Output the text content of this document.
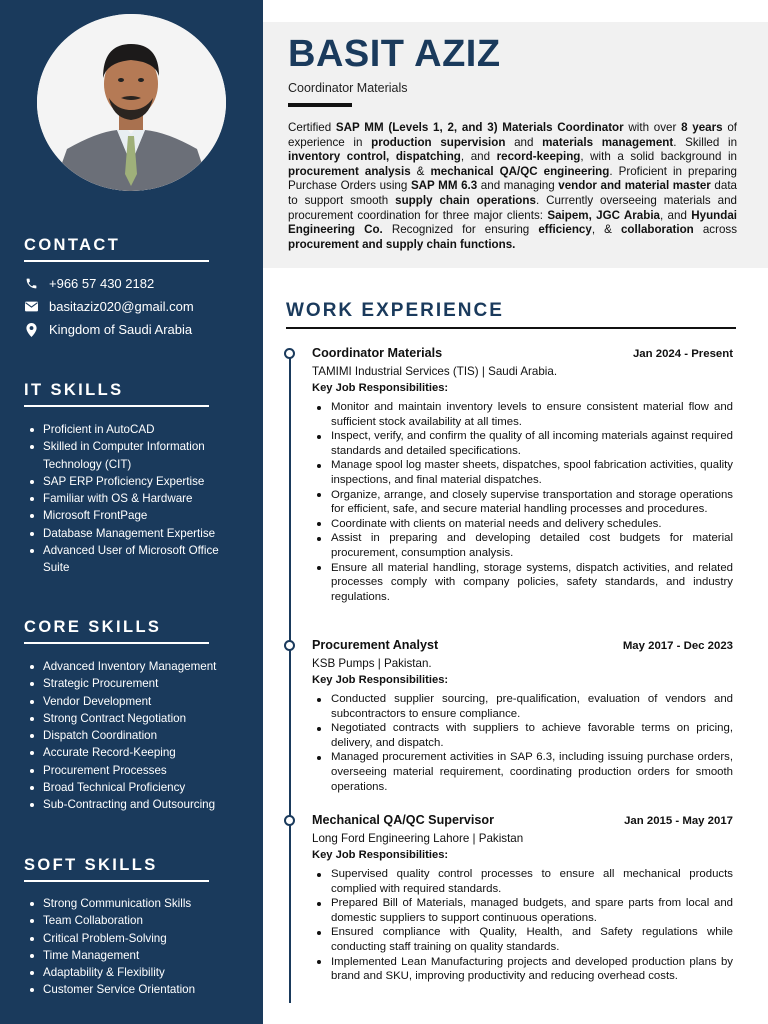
CONTACT
+966 57 430 2182
basitaziz020@gmail.com
Kingdom of Saudi Arabia
IT SKILLS
Proficient in AutoCAD
Skilled in Computer Information Technology (CIT)
SAP ERP Proficiency Expertise
Familiar with OS & Hardware
Microsoft FrontPage
Database Management Expertise
Advanced User of Microsoft Office Suite
CORE SKILLS
Advanced Inventory Management
Strategic Procurement
Vendor Development
Strong Contract Negotiation
Dispatch Coordination
Accurate Record-Keeping
Procurement Processes
Broad Technical Proficiency
Sub-Contracting and Outsourcing
SOFT SKILLS
Strong Communication Skills
Team Collaboration
Critical Problem-Solving
Time Management
Adaptability & Flexibility
Customer Service Orientation
BASIT AZIZ
Coordinator Materials

Certified SAP MM (Levels 1, 2, and 3) Materials Coordinator with over 8 years of experience in production supervision and materials management. Skilled in inventory control, dispatching, and record-keeping, with a solid background in procurement analysis & mechanical QA/QC engineering. Proficient in preparing Purchase Orders using SAP MM 6.3 and managing vendor and material master data to support smooth supply chain operations. Currently overseeing materials and procurement coordination for three major clients: Saipem, JGC Arabia, and Hyundai Engineering Co. Recognized for ensuring efficiency, & collaboration across procurement and supply chain functions.

WORK EXPERIENCE
Coordinator Materials	Jan 2024 - Present
TAMIMI Industrial Services (TIS) | Saudi Arabia.
Key Job Responsibilities:
Monitor and maintain inventory levels to ensure consistent material flow and sufficient stock availability at all times.
Inspect, verify, and confirm the quality of all incoming materials against required standards and detailed specifications.
Manage spool log master sheets, dispatches, spool fabrication activities, quality inspections, and final material dispatches.
Organize, arrange, and closely supervise transportation and storage operations for efficient, safe, and secure material handling processes and procedures.
Coordinate with clients on material needs and delivery schedules.
Assist in preparing and developing detailed cost budgets for material procurement, consumption analysis.
Ensure all material handling, storage systems, dispatch activities, and related processes comply with company policies, safety standards, and industry regulations.
Procurement Analyst	May 2017 - Dec 2023
KSB Pumps | Pakistan.
Key Job Responsibilities:
Conducted supplier sourcing, pre-qualification, evaluation of vendors and subcontractors to ensure compliance.
Negotiated contracts with suppliers to achieve favorable terms on pricing, delivery, and dispatch.
Managed procurement activities in SAP 6.3, including issuing purchase orders, overseeing material requirement, coordinating production orders for smooth operations.
Mechanical QA/QC Supervisor	Jan 2015 - May 2017
Long Ford Engineering Lahore | Pakistan
Key Job Responsibilities:
Supervised quality control processes to ensure all mechanical products complied with required standards.
Prepared Bill of Materials, managed budgets, and spare parts from local and domestic suppliers to support continuous operations.
Ensured compliance with Quality, Health, and Safety regulations while conducting staff training on quality standards.
Implemented Lean Manufacturing projects and developed production plans by brand and SKU, improving productivity and reducing overhead costs.
